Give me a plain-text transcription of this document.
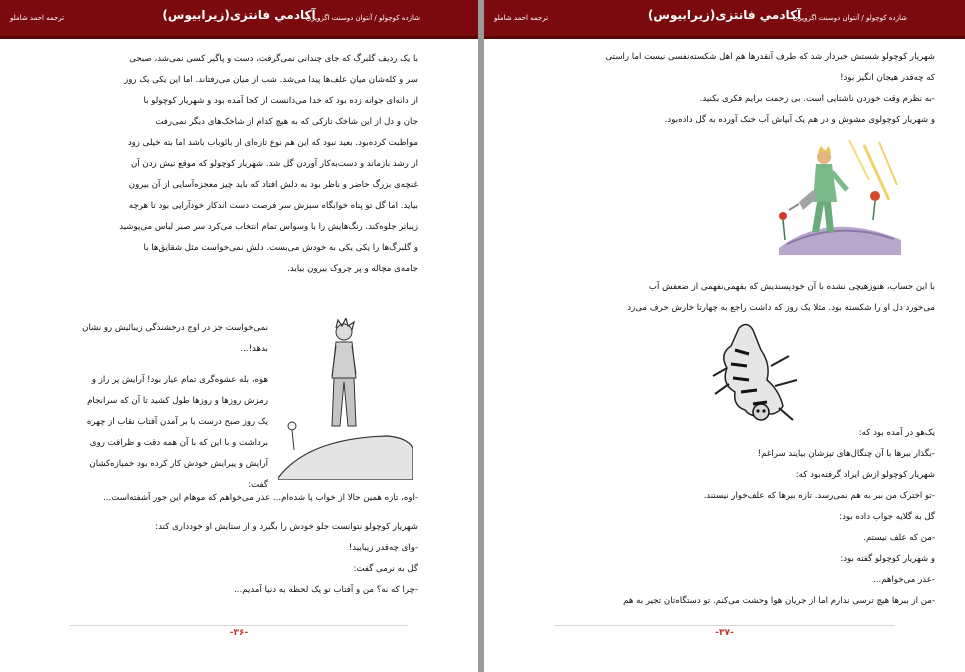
ترجمه احمد شاملو	آکادمي فانتزی(زیرابیوس)
شازده کوچولو / آنتوان دوسنت اگزوپری

شهریار کوچولو شستش خبردار شد که طرف آنقدرها هم اهل شکسته‌نفسی نیست اما راستی

که چه‌قدر هیجان انگیز بود!

-به نظرم وقت خوردن ناشتایی است. بی زحمت برایم فکری بکنید.

و شهریار کوچولوی مشوش و در هم یک آبپاش آب خنک آورده به گل داده‌بود.

با این حساب، هنوزهیچی نشده با آن خودپسندیش که بفهمی‌نفهمی از ضعفش آب

می‌خورد دل او را شکسته بود. مثلا یک روز که داشت راجع به چهارتا خارش حرف می‌زد

یک‌هو در آمده بود که:

-بگذار ببرها با آن چنگال‌های تیزشان بیایند سراغم!

شهریار کوچولو ازش ایراد گرفته‌بود که:

-تو اخترک من ببر به هم نمی‌رسد. تازه ببرها که علف‌خوار نیستند.

گل به گلایه جواب داده بود:

-من که علف نیستم.

و شهریار کوچولو گفته بود:

-عذر می‌خواهم...

-من از ببرها هیچ ترسی ندارم اما از جریان هوا وحشت می‌کنم. تو دستگاه‌تان تجیر به هم

-۳۷-
ترجمه احمد شاملو	آکادمي فانتزی(زیرابیوس)
شازده کوچولو / آنتوان دوسنت اگزوپری

با یک ردیف گلبرگ که جای چندانی نمی‌گرفت، دست و پاگیر کسی نمی‌شد، صبحی

سر و کله‌شان میان علف‌ها پیدا می‌شد. شب از میان می‌رفتاند. اما این یکی یک روز

از دانه‌ای جوانه زده بود که خدا می‌دانست از کجا آمده بود و شهریار کوچولو با

جان و دل از این شاخک تازکی که به هیچ کدام از شاخک‌های دیگر نمی‌رفت

مواظبت کرده‌بود. بعید نبود که این هم نوع تازه‌ای از بائوباب باشد اما بته خیلی زود

از رشد بازماند و دست‌به‌کار آوردن گل شد. شهریار کوچولو که موقع نیش زدن آن

غنچه‌ی بزرگ حاضر و ناظر بود به دلش افتاد که باید چیز معجزه‌آسایی از آن بیرون

بیاید. اما گل تو پناه خوابگاه سبزش سر فرصت دست اندکار خودآرایی بود تا هرچه

زیباتر جلوه‌کند. رنگ‌هایش را با وسواس تمام انتخاب می‌کرد سر صبر لباس می‌پوشید

و گلبرگ‌ها را یکی یکی به خودش می‌بست. دلش نمی‌خواست مثل شقایق‌ها با

جامه‌ی مچاله و پر چروک بیرون بیاید.

نمی‌خواست جز در اوج درخشندگی زیبائیش رو نشان

بدهد!...

هوه، بله عشوه‌گری تمام عیار بود! آرایش پر راز و

رمزش روزها و روزها طول کشید تا آن که سرانجام

یک روز صبح درست با بر آمدن آفتاب نقاب از چهره

برداشت و با این که با آن همه دقت و ظرافت روی

آرایش و پیرایش خودش کار کرده بود خمیازه‌کشان

گفت:

-اوه، تازه همین حالا از خواب پا شده‌ام... عذر می‌خواهم که موهام این جور آشفته‌است...

شهریار کوچولو نتوانست جلو خودش را بگیرد و از ستایش او خودداری کند:

-وای چه‌قدر زیبایید!

گل به نرمی گفت:

-چرا که نه؟ من و آفتاب تو یک لحظه به دنیا آمدیم...

-۳۶-
